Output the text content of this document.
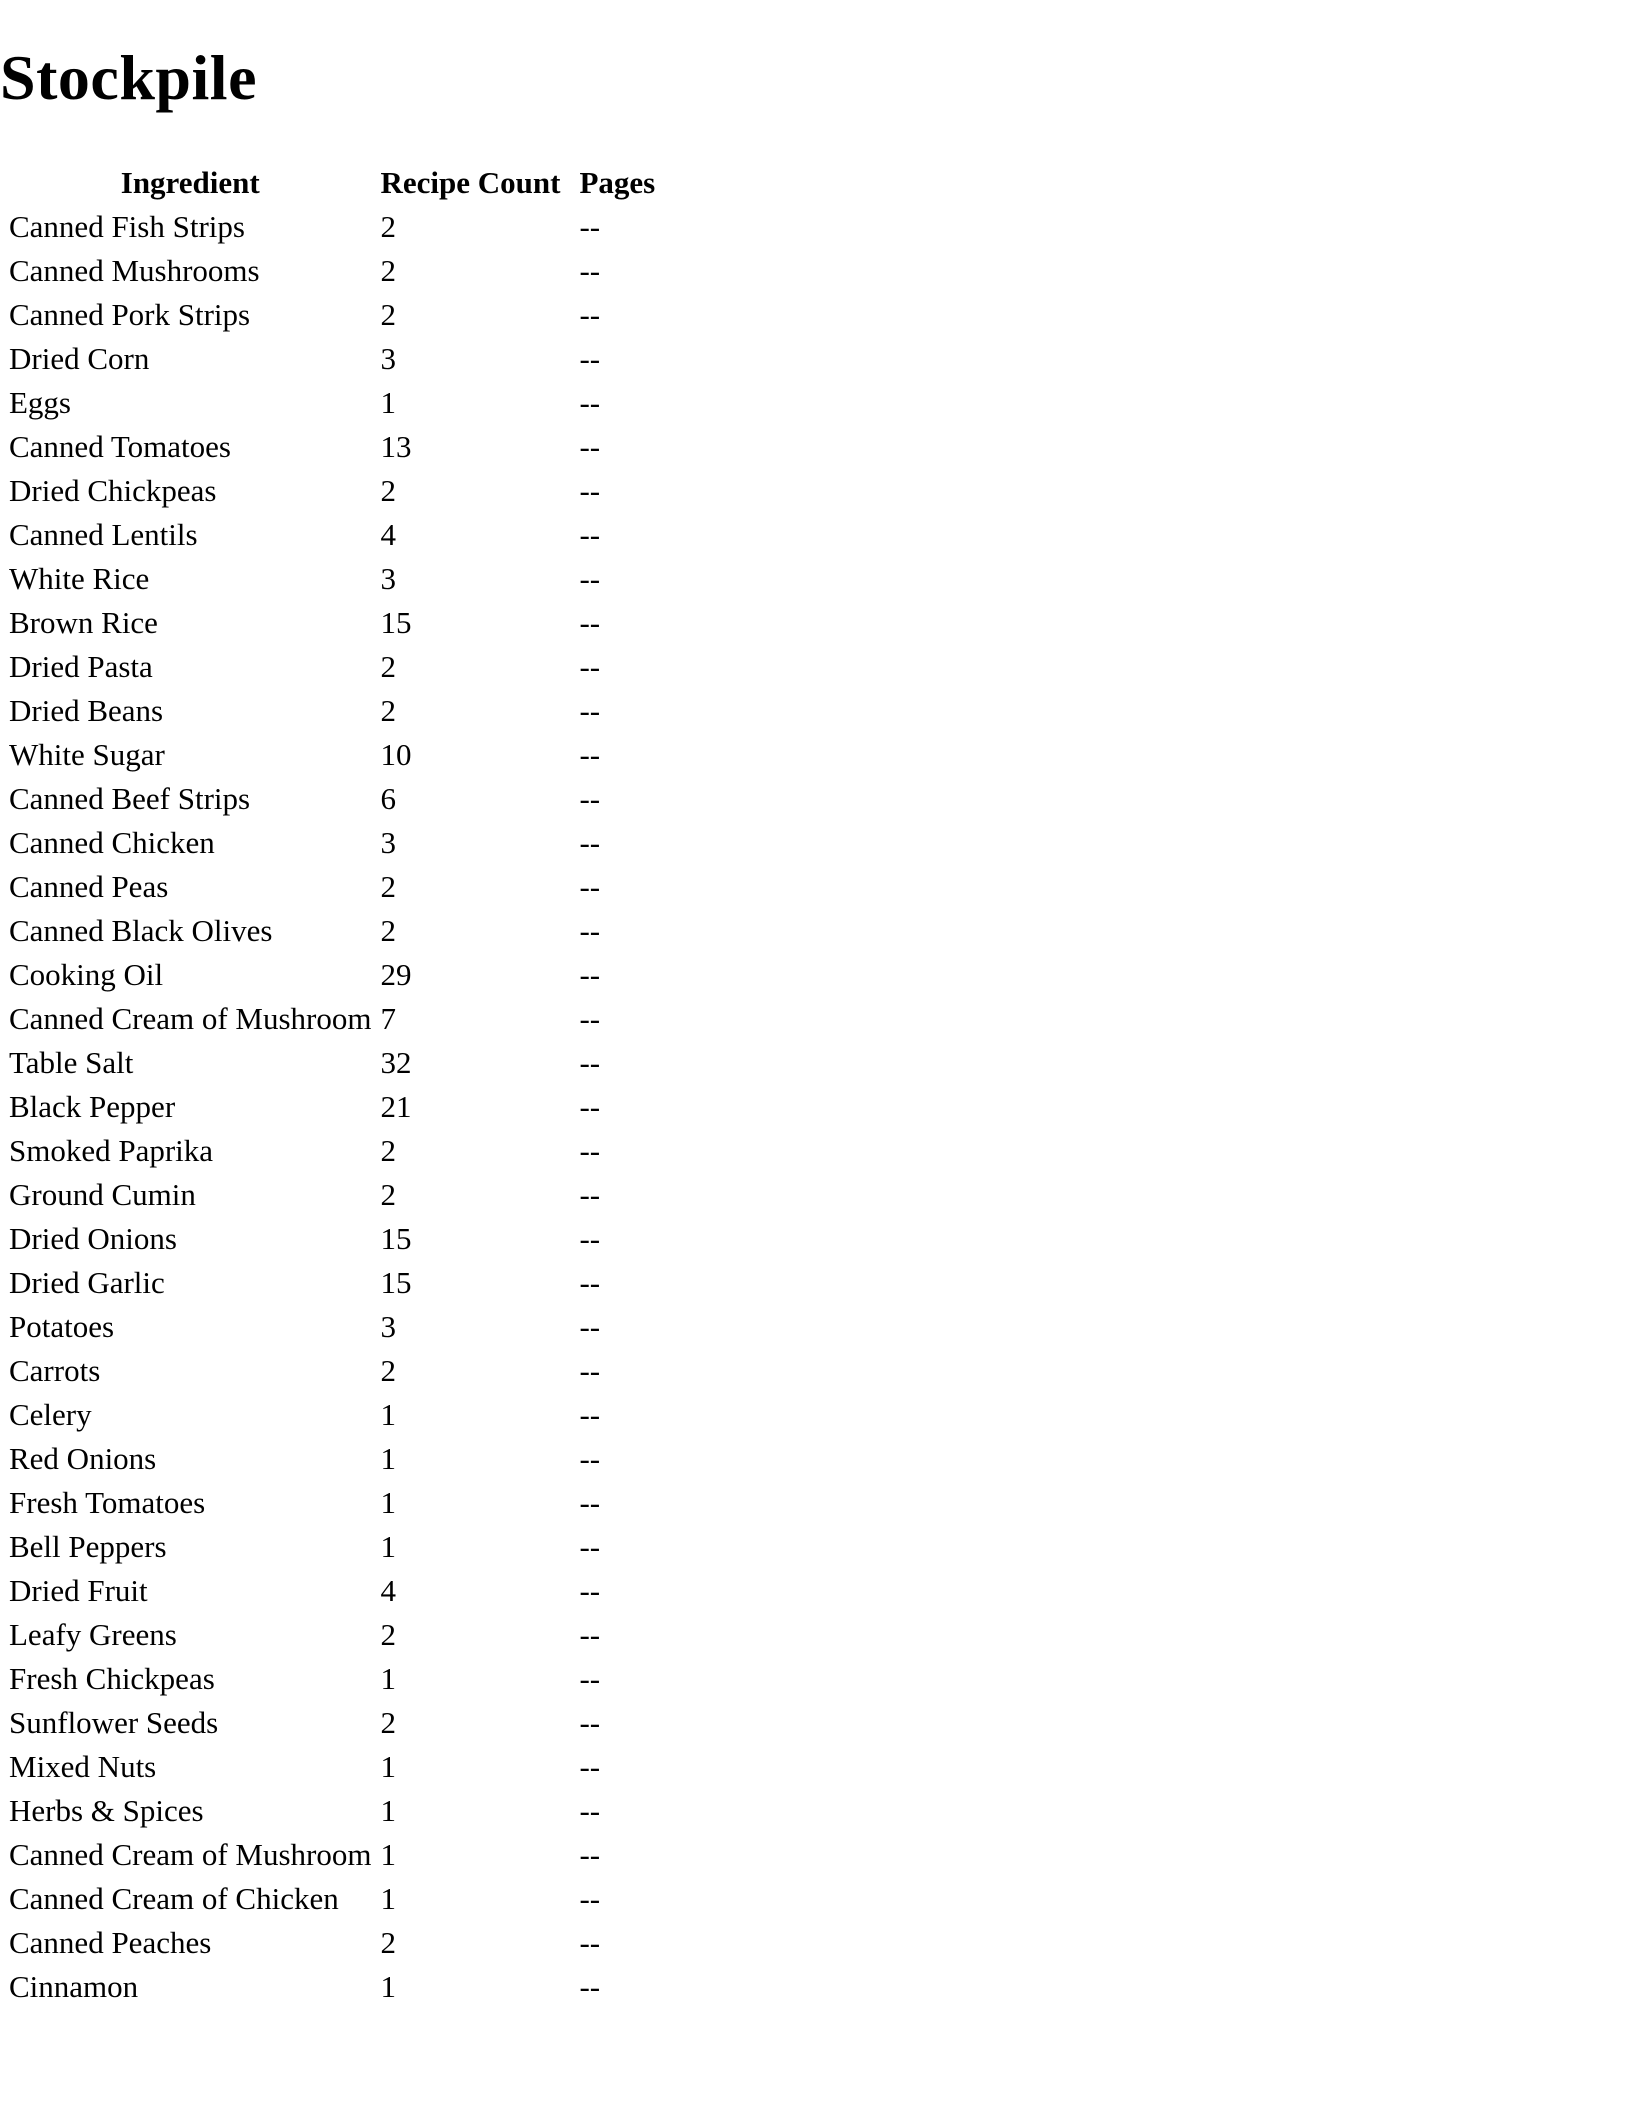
Stockpile
Ingredient	Recipe Count	Pages
Canned Fish Strips	2	--
Canned Mushrooms	2	--
Canned Pork Strips	2	--
Dried Corn	3	--
Eggs	1	--
Canned Tomatoes	13	--
Dried Chickpeas	2	--
Canned Lentils	4	--
White Rice	3	--
Brown Rice	15	--
Dried Pasta	2	--
Dried Beans	2	--
White Sugar	10	--
Canned Beef Strips	6	--
Canned Chicken	3	--
Canned Peas	2	--
Canned Black Olives	2	--
Cooking Oil	29	--
Canned Cream of Mushroom	7	--
Table Salt	32	--
Black Pepper	21	--
Smoked Paprika	2	--
Ground Cumin	2	--
Dried Onions	15	--
Dried Garlic	15	--
Potatoes	3	--
Carrots	2	--
Celery	1	--
Red Onions	1	--
Fresh Tomatoes	1	--
Bell Peppers	1	--
Dried Fruit	4	--
Leafy Greens	2	--
Fresh Chickpeas	1	--
Sunflower Seeds	2	--
Mixed Nuts	1	--
Herbs & Spices	1	--
Canned Cream of Mushroom	1	--
Canned Cream of Chicken	1	--
Canned Peaches	2	--
Cinnamon	1	--
